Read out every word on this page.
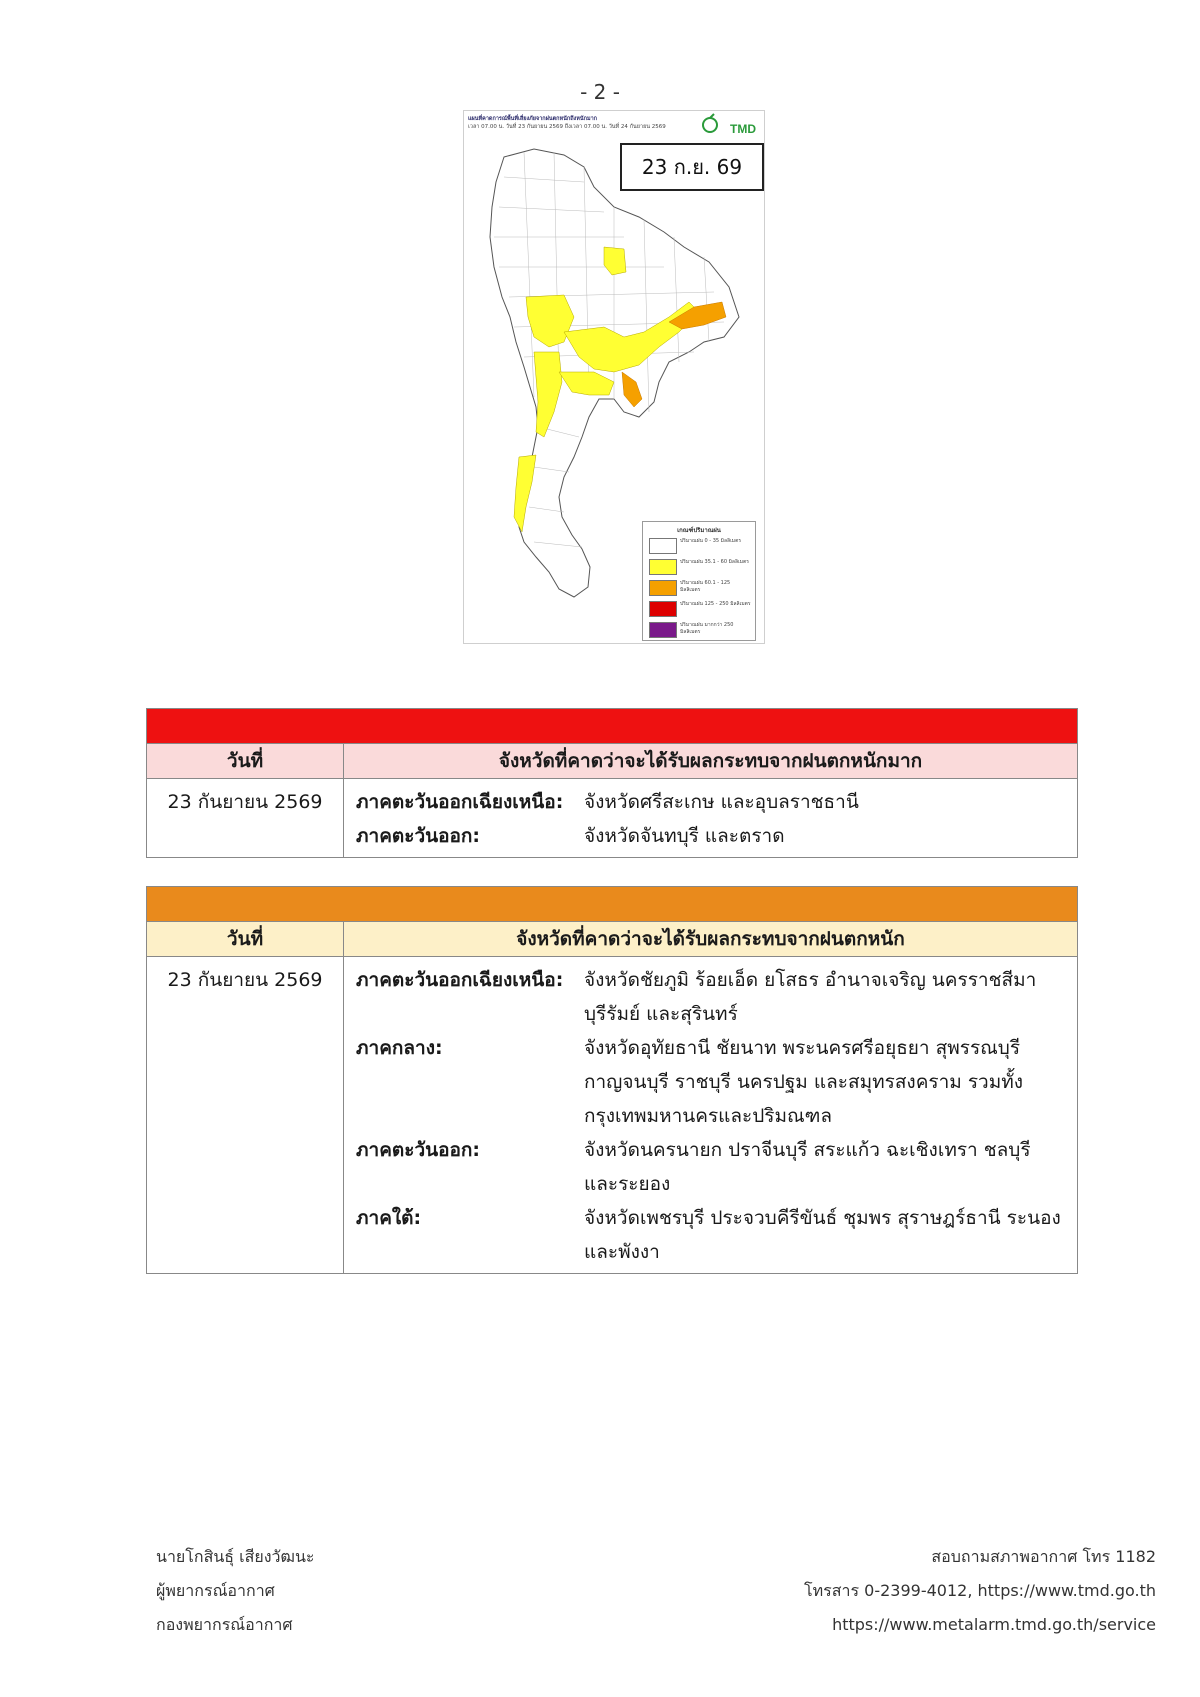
- 2 -
แผนที่คาดการณ์พื้นที่เสี่ยงภัยจากฝนตกหนักถึงหนักมาก
เวลา 07.00 น. วันที่ 23 กันยายน 2569 ถึงเวลา 07.00 น. วันที่ 24 กันยายน 2569	TMD
23 ก.ย. 69
เกณฑ์ปริมาณฝน
ปริมาณฝน 0 - 35 มิลลิเมตร
ปริมาณฝน 35.1 - 60 มิลลิเมตร
ปริมาณฝน 60.1 - 125 มิลลิเมตร
ปริมาณฝน 125 - 250 มิลลิเมตร
ปริมาณฝน มากกว่า 250 มิลลิเมตร
วันที่	จังหวัดที่คาดว่าจะได้รับผลกระทบจากฝนตกหนักมาก
23 กันยายน 2569	ภาคตะวันออกเฉียงเหนือ:	จังหวัดศรีสะเกษ และอุบลราชธานี
ภาคตะวันออก:	จังหวัดจันทบุรี และตราด
วันที่	จังหวัดที่คาดว่าจะได้รับผลกระทบจากฝนตกหนัก
23 กันยายน 2569	ภาคตะวันออกเฉียงเหนือ:	จังหวัดชัยภูมิ ร้อยเอ็ด ยโสธร อำนาจเจริญ นครราชสีมา บุรีรัมย์ และสุรินทร์
ภาคกลาง:	จังหวัดอุทัยธานี ชัยนาท พระนครศรีอยุธยา สุพรรณบุรี กาญจนบุรี ราชบุรี นครปฐม และสมุทรสงคราม รวมทั้งกรุงเทพมหานครและปริมณฑล
ภาคตะวันออก:	จังหวัดนครนายก ปราจีนบุรี สระแก้ว ฉะเชิงเทรา ชลบุรี และระยอง
ภาคใต้:	จังหวัดเพชรบุรี ประจวบคีรีขันธ์ ชุมพร สุราษฎร์ธานี ระนอง และพังงา
นายโกสินธุ์ เสียงวัฒนะ
ผู้พยากรณ์อากาศ
กองพยากรณ์อากาศ
สอบถามสภาพอากาศ โทร 1182
โทรสาร 0-2399-4012, https://www.tmd.go.th
https://www.metalarm.tmd.go.th/service
